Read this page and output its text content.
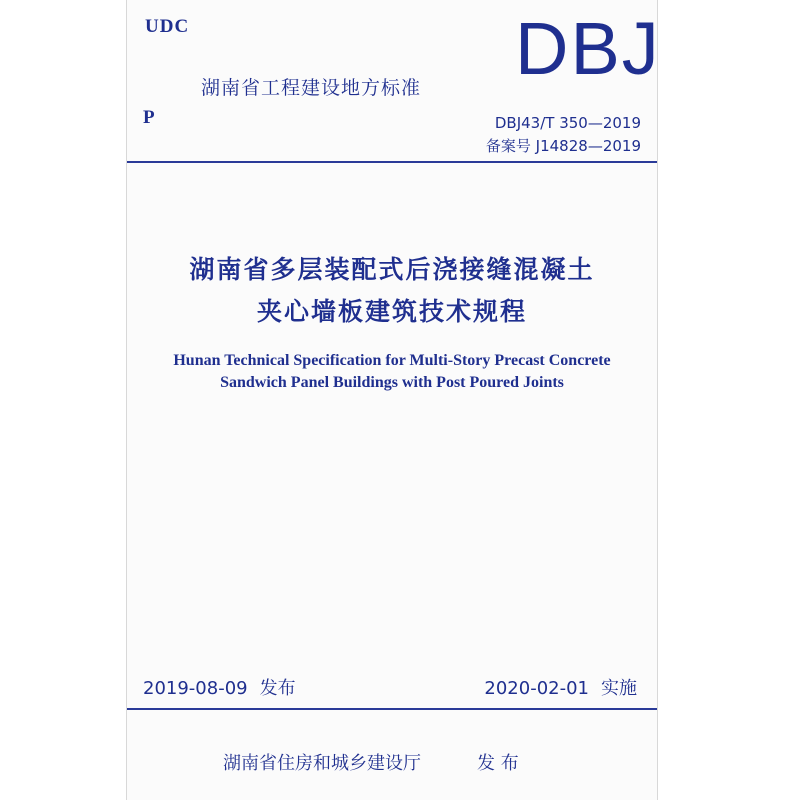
UDC	DBJ
湖南省工程建设地方标准
P	DBJ43/T 350—2019
备案号 J14828—2019
湖南省多层装配式后浇接缝混凝土
夹心墙板建筑技术规程
Hunan Technical Specification for Multi-Story Precast Concrete
Sandwich Panel Buildings with Post Poured Joints
2019-08-09 发布	2020-02-01 实施
湖南省住房和城乡建设厅	发 布
